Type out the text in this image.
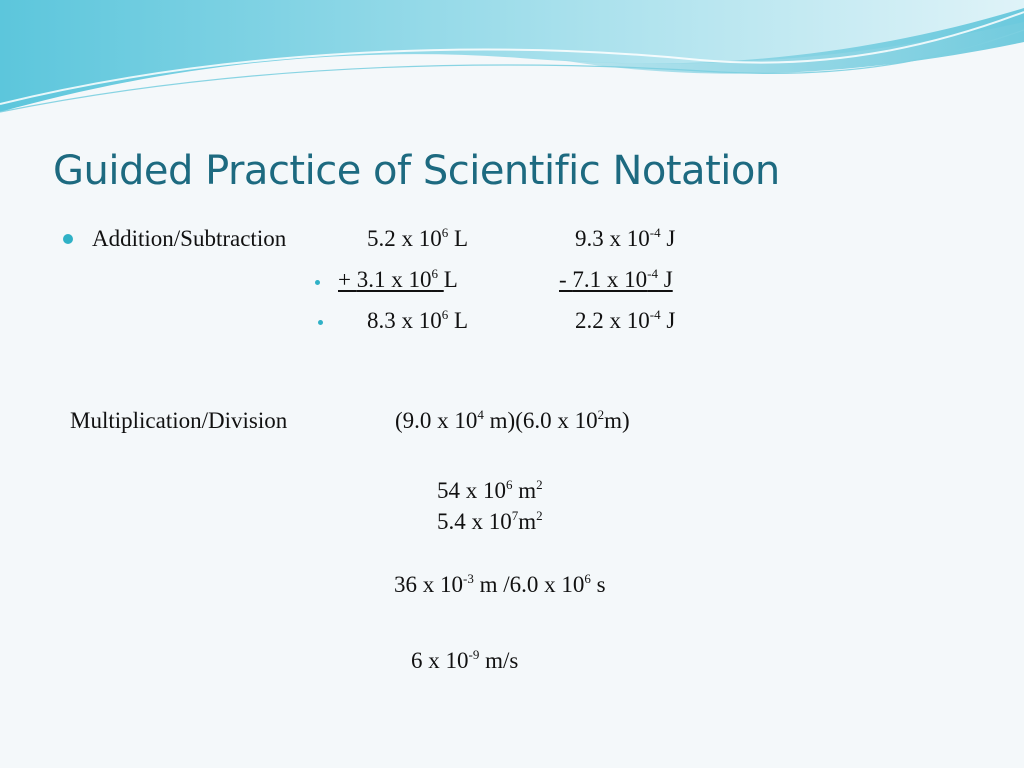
Guided Practice of Scientific Notation
Addition/Subtraction	5.2 x $10^6$ L
+ 3.1 x $10^6$ L
8.3 x $10^6$ L
9.3 x $10^{-4}$ J
- 7.1 x $10^{-4}$ J
2.2 x $10^{-4}$ J
Multiplication/Division	(9.0 x $10^4$ m)(6.0 x $10^2m$)
54 x $10^6$ $m^2$
5.4 x $10^7m^2$
36 x $10^{-3}$ m /6.0 x $10^6$ s
6 x $10^{-9}$ m/s
